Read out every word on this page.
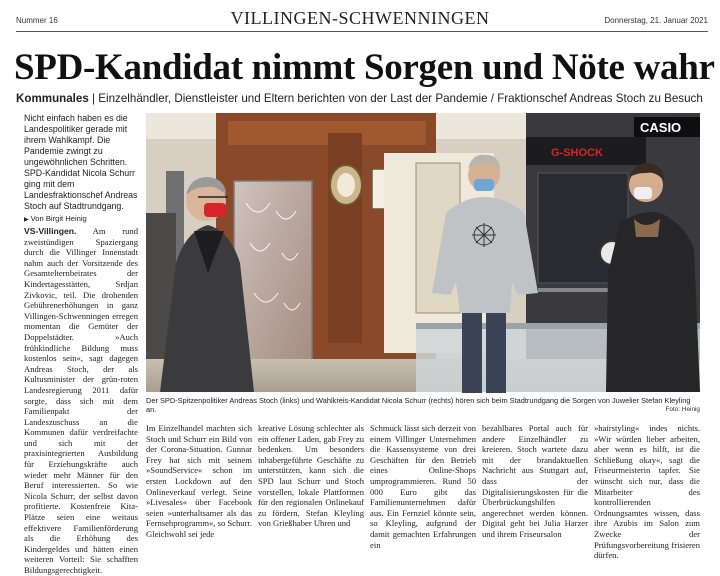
Nummer 16	VILLINGEN-SCHWENNINGEN	Donnerstag, 21. Januar 2021
SPD-Kandidat nimmt Sorgen und Nöte wahr
Kommunales | Einzelhändler, Dienstleister und Eltern berichten von der Last der Pandemie / Fraktionschef Andreas Stoch zu Besuch

Nicht einfach haben es die Landespolitiker gerade mit ihrem Wahlkampf. Die Pandemie zwingt zu ungewöhnlichen Schritten. SPD-Kandidat Nicola Schurr ging mit dem Landesfraktionschef Andreas Stoch auf Stadtrundgang.

▶ Von Birgit Heinig

VS-Villingen. Am rund zweistündigen Spaziergang durch die Villinger Innenstadt nahm auch der Vorsitzende des Gesamtelternbeirates der Kindertagesstätten, Srdjan Zivkovic, teil. Die drohenden Gebührenerhöhungen in ganz Villingen-Schwenningen erregen momentan die Gemüter der Doppelstädter. »Auch frühkindliche Bildung muss kostenlos sein«, sagt dagegen Andreas Stoch, der als Kultusminister der grün-roten Landesregierung 2011 dafür sorgte, dass sich mit dem Familienpakt der Landeszuschuss an die Kommunen dafür verdreifachte und sich mit der praxisintegrierten Ausbildung für Erziehungskräfte auch wieder mehr Männer für den Beruf interessierten. So wie Nicola Schurr, der selbst davon profitierte. Kostenfreie Kita-Plätze seien eine weitaus effektivere Familienförderung als die Erhöhung des Kindergeldes und hätten einen weiteren Vorteil: Sie schafften Bildungsgerechtigkeit.
G-SHOCK
CASIO

Der SPD-Spitzenpolitiker Andreas Stoch (links) und Wahlkreis-Kandidat Nicola Schurr (rechts) hören sich beim Stadtrundgang die Sorgen von Juwelier Stefan Kleyling an.	Foto: Heinig
Im Einzelhandel machten sich Stoch und Schurr ein Bild von der Corona-Situation. Gunnar Frey hat sich mit seinem »SoundService« schon im ersten Lockdown auf den Onlineverkauf verlegt. Seine »Livesales« über Facebook seien »unterhaltsamer als das Fernsehprogramm«, so Schurr. Gleichwohl sei jede
kreative Lösung schlechter als ein offener Laden, gab Frey zu bedenken. Um besonders inhabergeführte Geschäfte zu unterstützen, kann sich die SPD laut Schurr und Stoch vorstellen, lokale Plattformen für den regionalen Onlinekauf zu fördern. Stefan Kleyling von Grießhaber Uhren und
Schmuck lässt sich derzeit von einem Villinger Unternehmen die Kassensysteme von drei Geschäften für den Betrieb eines Online-Shops umprogrammieren. Rund 50 000 Euro gibt das Familienunternehmen dafür aus. Ein Fernziel könnte sein, so Kleyling, aufgrund der damit gemachten Erfahrungen ein
bezahlbares Portal auch für andere Einzelhändler zu kreieren. Stoch wartete dazu mit der brandaktuellen Nachricht aus Stuttgart auf, dass der Digitalisierungskosten für die Überbrückungshilfen angerechnet werden können. Digital geht bei Julia Harzer und ihrem Friseursalon
»hairstyling« indes nichts. »Wir würden lieber arbeiten, aber wenn es hilft, ist die Schließung okay«, sagt die Friseurmeisterin tapfer. Sie wünscht sich nur, dass die Mitarbeiter des kontrollierenden Ordnungsamtes wissen, dass ihre Azubis im Salon zum Zwecke der Prüfungsvorbereitung frisieren dürfen.
